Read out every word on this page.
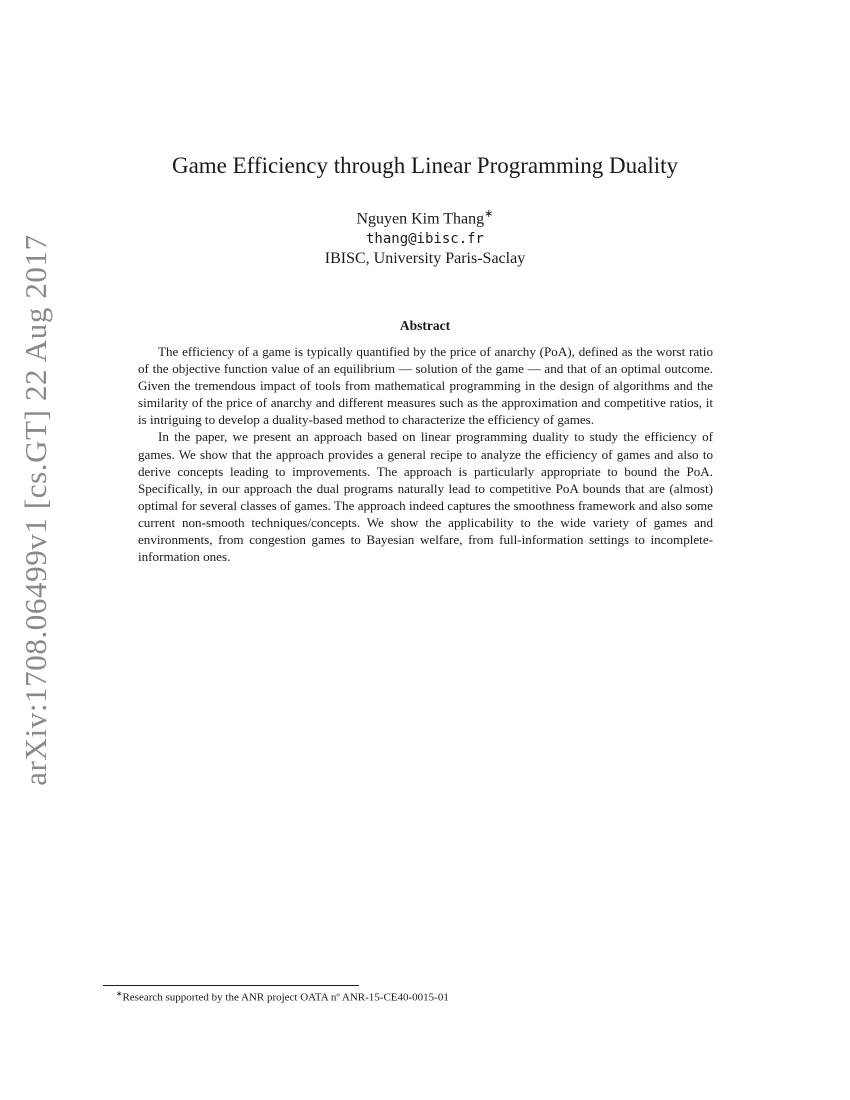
arXiv:1708.06499v1 [cs.GT] 22 Aug 2017
Game Efficiency through Linear Programming Duality
Nguyen Kim Thang∗
thang@ibisc.fr
IBISC, University Paris-Saclay
Abstract

The efficiency of a game is typically quantified by the price of anarchy (PoA), defined as the worst ratio of the objective function value of an equilibrium — solution of the game — and that of an optimal outcome. Given the tremendous impact of tools from mathematical programming in the design of algorithms and the similarity of the price of anarchy and different measures such as the approximation and competitive ratios, it is intriguing to develop a duality-based method to characterize the efficiency of games.

In the paper, we present an approach based on linear programming duality to study the efficiency of games. We show that the approach provides a general recipe to analyze the efficiency of games and also to derive concepts leading to improvements. The approach is particularly appropriate to bound the PoA. Specifically, in our approach the dual programs naturally lead to competitive PoA bounds that are (almost) optimal for several classes of games. The approach indeed captures the smoothness framework and also some current non-smooth techniques/concepts. We show the applicability to the wide variety of games and environments, from congestion games to Bayesian welfare, from full-information settings to incomplete-information ones.

∗Research supported by the ANR project OATA nº ANR-15-CE40-0015-01
